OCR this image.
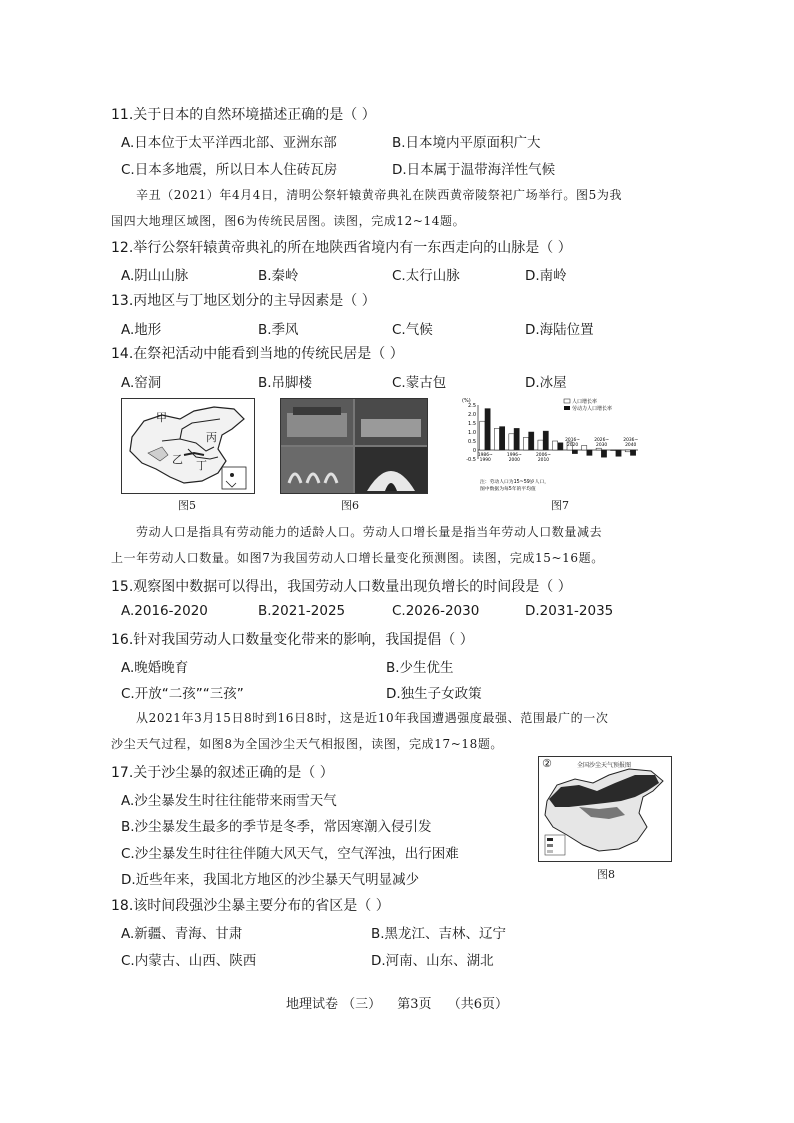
11.关于日本的自然环境描述正确的是（ ）
A.日本位于太平洋西北部、亚洲东部	B.日本境内平原面积广大
C.日本多地震，所以日本人住砖瓦房	D.日本属于温带海洋性气候
辛丑（2021）年4月4日，清明公祭轩辕黄帝典礼在陕西黄帝陵祭祀广场举行。图5为我
国四大地理区域图，图6为传统民居图。读图，完成12~14题。
12.举行公祭轩辕黄帝典礼的所在地陕西省境内有一东西走向的山脉是（ ）
A.阴山山脉	B.秦岭	C.太行山脉	D.南岭
13.丙地区与丁地区划分的主导因素是（ ）
A.地形	B.季风	C.气候	D.海陆位置
14.在祭祀活动中能看到当地的传统民居是（ ）
A.窑洞	B.吊脚楼	C.蒙古包	D.冰屋
甲
乙
丙
丁
图5	图6
(%)
2.5
2.0
1.5
1.0
0.5
0
-0.5
1986~
1990
1996~
2000
2006~
2010
2016~
2020
2026~
2030
2036~
2040
人口增长率
劳动力人口增长率
注：劳动人口为15~59岁人口，
图中数据为每5年的平均值
图7
劳动人口是指具有劳动能力的适龄人口。劳动人口增长量是指当年劳动人口数量减去
上一年劳动人口数量。如图7为我国劳动人口增长量变化预测图。读图，完成15~16题。
15.观察图中数据可以得出，我国劳动人口数量出现负增长的时间段是（ ）
A.2016-2020	B.2021-2025	C.2026-2030	D.2031-2035
16.针对我国劳动人口数量变化带来的影响，我国提倡（ ）
A.晚婚晚育	B.少生优生
C.开放“二孩”“三孩”	D.独生子女政策
从2021年3月15日8时到16日8时，这是近10年我国遭遇强度最强、范围最广的一次
沙尘天气过程，如图8为全国沙尘天气相报图，读图，完成17~18题。
17.关于沙尘暴的叙述正确的是（ ）
A.沙尘暴发生时往往能带来雨雪天气
B.沙尘暴发生最多的季节是冬季，常因寒潮入侵引发
C.沙尘暴发生时往往伴随大风天气，空气浑浊，出行困难
D.近些年来，我国北方地区的沙尘暴天气明显减少
②	全国沙尘天气预报图
图8
18.该时间段强沙尘暴主要分布的省区是（ ）
A.新疆、青海、甘肃	B.黑龙江、吉林、辽宁
C.内蒙古、山西、陕西	D.河南、山东、湖北
地理试卷 （三） 第3页 （共6页）
